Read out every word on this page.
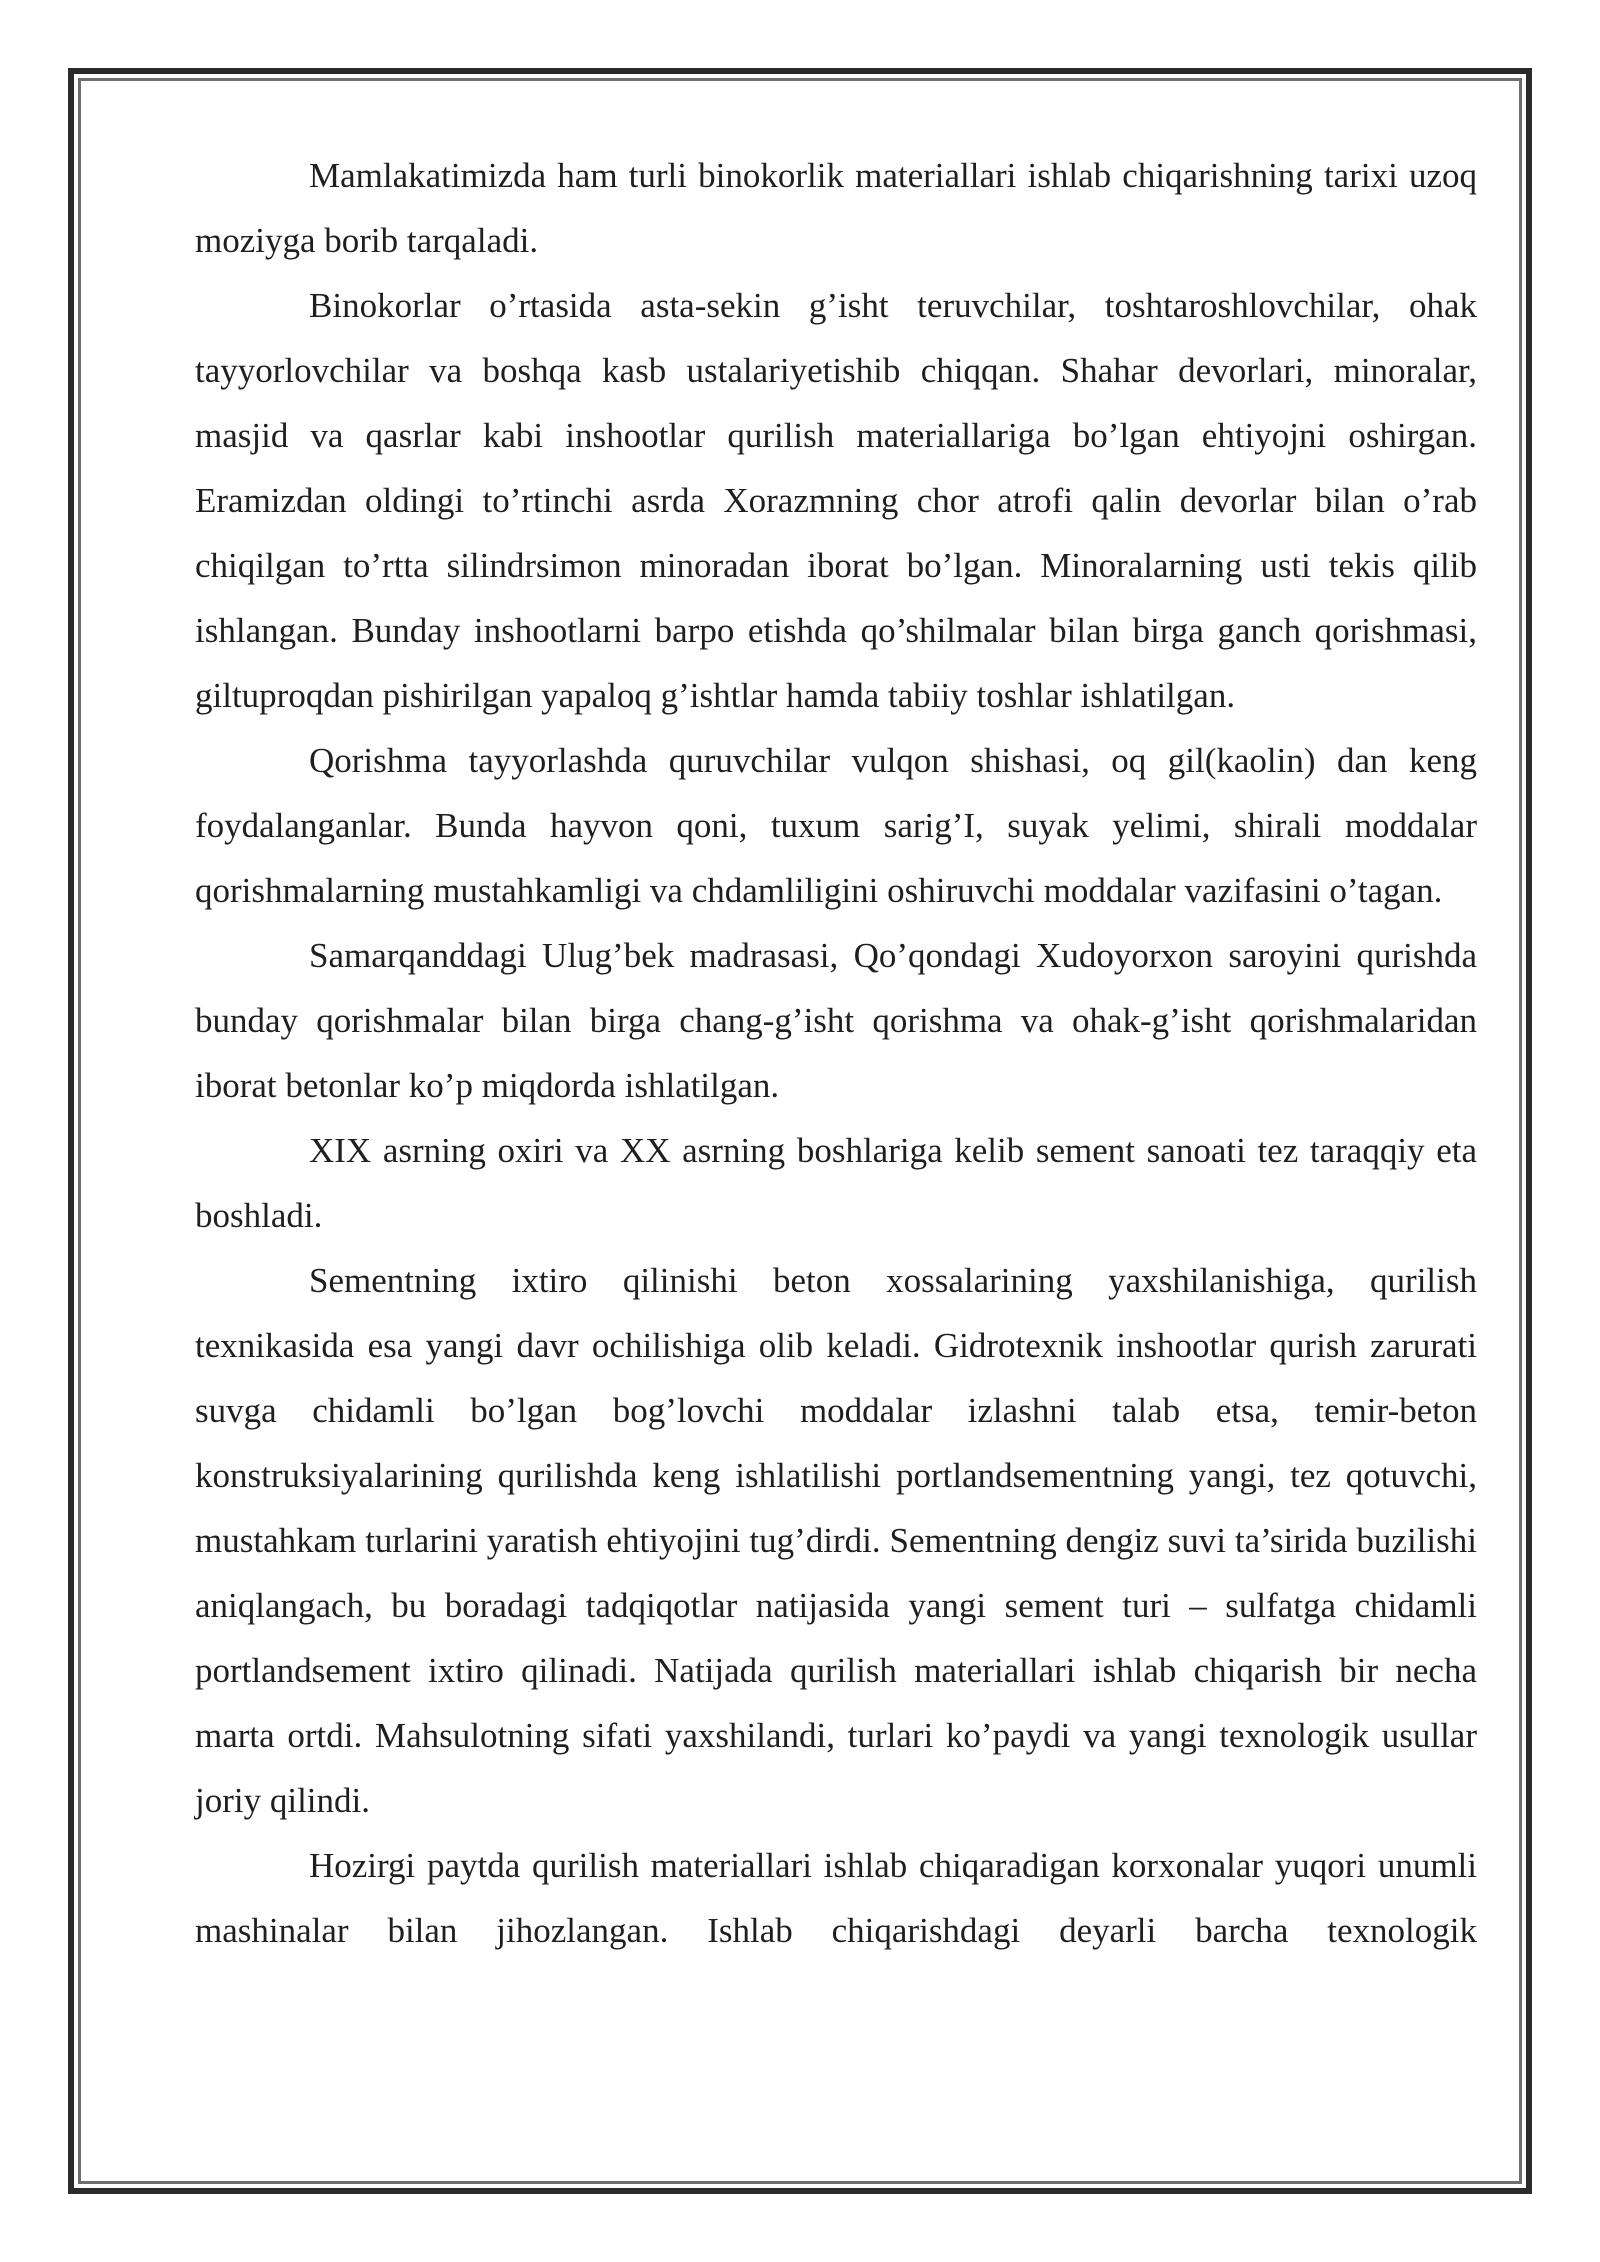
Mamlakatimizda ham turli binokorlik materiallari ishlab chiqarishning tarixi uzoq moziyga borib tarqaladi.

Binokorlar o’rtasida asta-sekin g’isht teruvchilar, toshtaroshlovchilar, ohak tayyorlovchilar va boshqa kasb ustalariyetishib chiqqan. Shahar devorlari, minoralar, masjid va qasrlar kabi inshootlar qurilish materiallariga bo’lgan ehtiyojni oshirgan. Eramizdan oldingi to’rtinchi asrda Xorazmning chor atrofi qalin devorlar bilan o’rab chiqilgan to’rtta silindrsimon minoradan iborat bo’lgan. Minoralarning usti tekis qilib ishlangan. Bunday inshootlarni barpo etishda qo’shilmalar bilan birga ganch qorishmasi, giltuproqdan pishirilgan yapaloq g’ishtlar hamda tabiiy toshlar ishlatilgan.

Qorishma tayyorlashda quruvchilar vulqon shishasi, oq gil(kaolin) dan keng foydalanganlar. Bunda hayvon qoni, tuxum sarig’I, suyak yelimi, shirali moddalar qorishmalarning mustahkamligi va chdamliligini oshiruvchi moddalar vazifasini o’tagan.

Samarqanddagi Ulug’bek madrasasi, Qo’qondagi Xudoyorxon saroyini qurishda bunday qorishmalar bilan birga chang-g’isht qorishma va ohak-g’isht qorishmalaridan iborat betonlar ko’p miqdorda ishlatilgan.

XIX asrning oxiri va XX asrning boshlariga kelib sement sanoati tez taraqqiy eta boshladi.

Sementning ixtiro qilinishi beton xossalarining yaxshilanishiga, qurilish texnikasida esa yangi davr ochilishiga olib keladi. Gidrotexnik inshootlar qurish zarurati suvga chidamli bo’lgan bog’lovchi moddalar izlashni talab etsa, temir-beton konstruksiyalarining qurilishda keng ishlatilishi portlandsementning yangi, tez qotuvchi, mustahkam turlarini yaratish ehtiyojini tug’dirdi. Sementning dengiz suvi ta’sirida buzilishi aniqlangach, bu boradagi tadqiqotlar natijasida yangi sement turi – sulfatga chidamli portlandsement ixtiro qilinadi. Natijada qurilish materiallari ishlab chiqarish bir necha marta ortdi. Mahsulotning sifati yaxshilandi, turlari ko’paydi va yangi texnologik usullar joriy qilindi.

Hozirgi paytda qurilish materiallari ishlab chiqaradigan korxonalar yuqori unumli mashinalar bilan jihozlangan. Ishlab chiqarishdagi deyarli barcha texnologik
